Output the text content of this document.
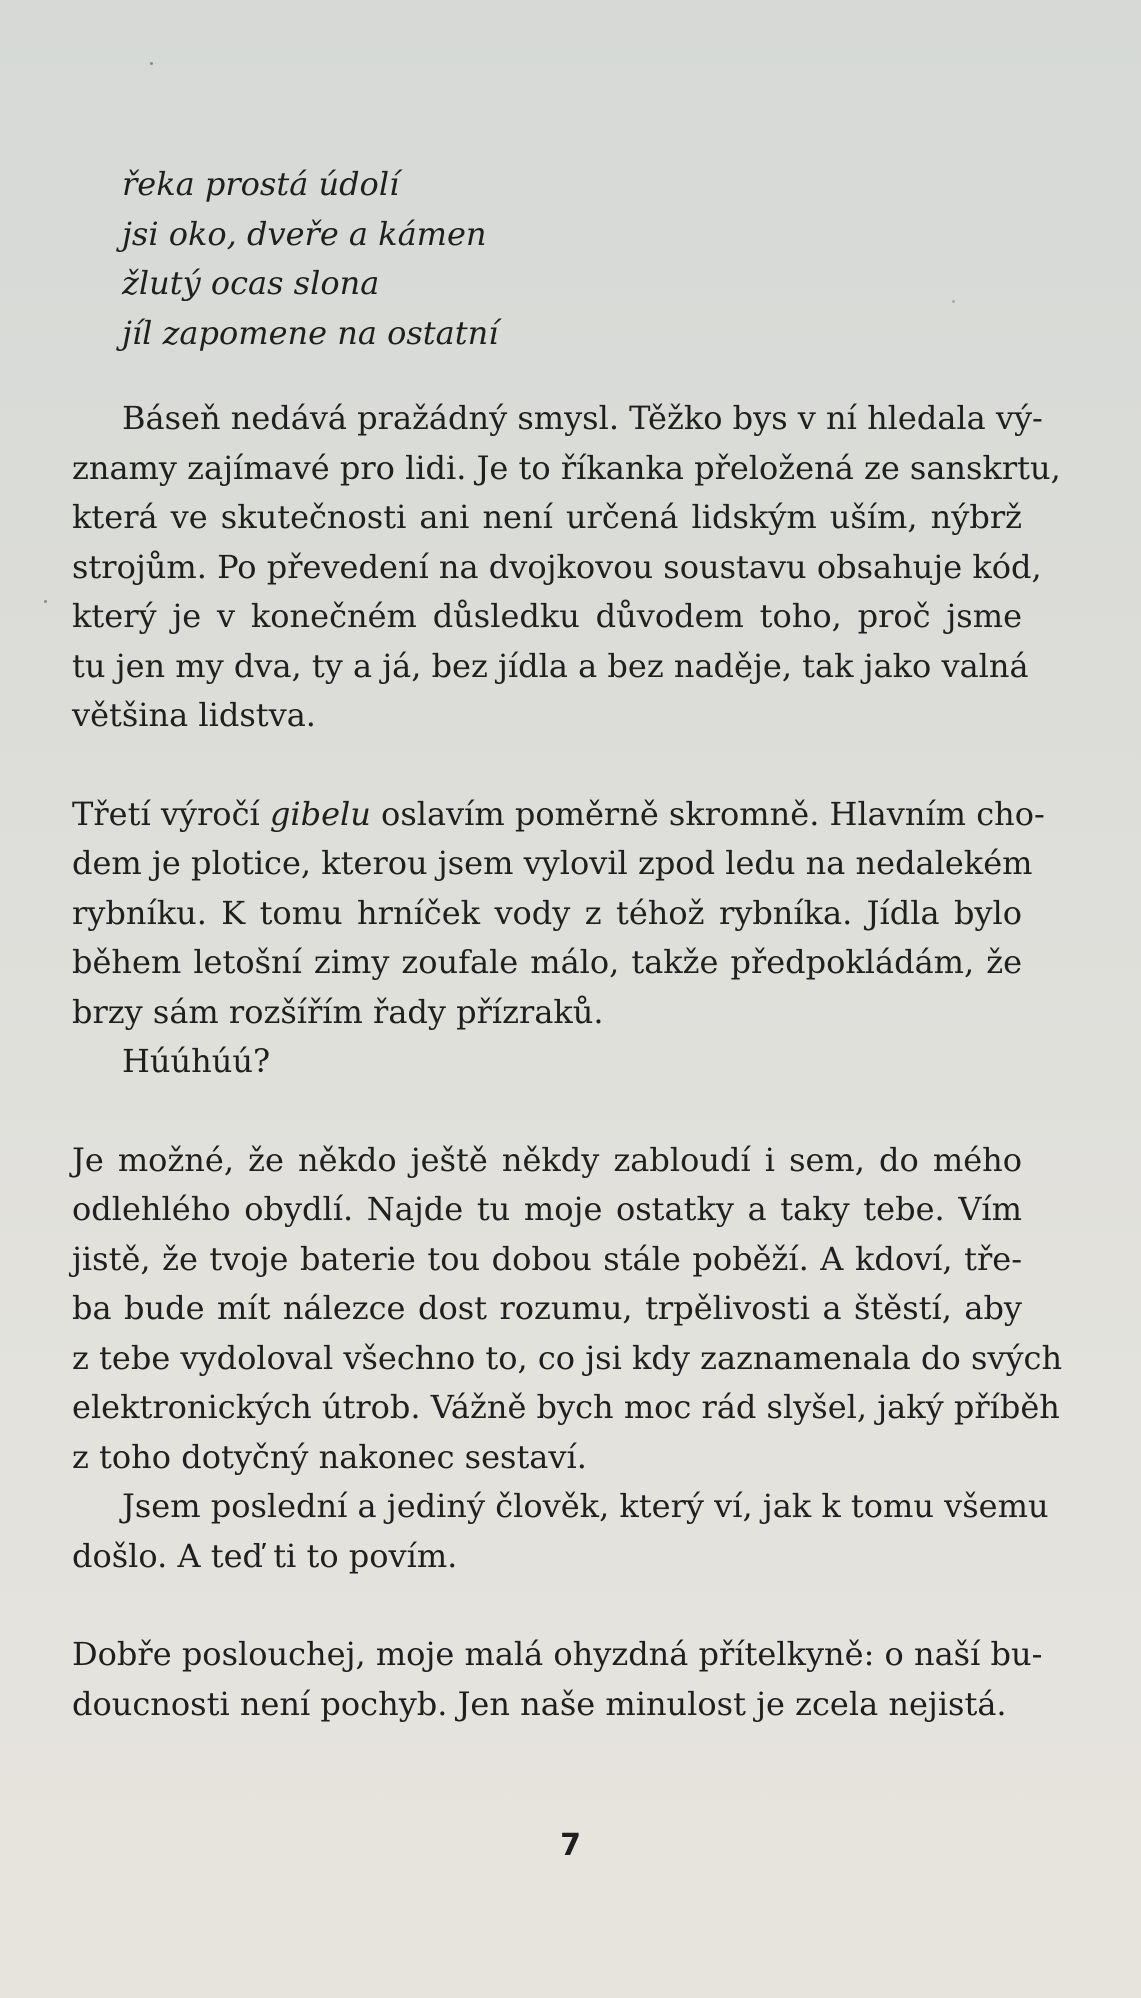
řeka prostá údolí
jsi oko, dveře a kámen
žlutý ocas slona
jíl zapomene na ostatní

Báseň nedává pražádný smysl. Těžko bys v ní hledala vý-
znamy zajímavé pro lidi. Je to říkanka přeložená ze sanskrtu,
která ve skutečnosti ani není určená lidským uším, nýbrž
strojům. Po převedení na dvojkovou soustavu obsahuje kód,
který je v konečném důsledku důvodem toho, proč jsme
tu jen my dva, ty a já, bez jídla a bez naděje, tak jako valná
většina lidstva.

Třetí výročí gibelu oslavím poměrně skromně. Hlavním cho-
dem je plotice, kterou jsem vylovil zpod ledu na nedalekém
rybníku. K tomu hrníček vody z téhož rybníka. Jídla bylo
během letošní zimy zoufale málo, takže předpokládám, že
brzy sám rozšířím řady přízraků.

Húúhúú?

Je možné, že někdo ještě někdy zabloudí i sem, do mého
odlehlého obydlí. Najde tu moje ostatky a taky tebe. Vím
jistě, že tvoje baterie tou dobou stále poběží. A kdoví, tře-
ba bude mít nálezce dost rozumu, trpělivosti a štěstí, aby
z tebe vydoloval všechno to, co jsi kdy zaznamenala do svých
elektronických útrob. Vážně bych moc rád slyšel, jaký příběh
z toho dotyčný nakonec sestaví.

Jsem poslední a jediný člověk, který ví, jak k tomu všemu
došlo. A teď ti to povím.

Dobře poslouchej, moje malá ohyzdná přítelkyně: o naší bu-
doucnosti není pochyb. Jen naše minulost je zcela nejistá.

7
